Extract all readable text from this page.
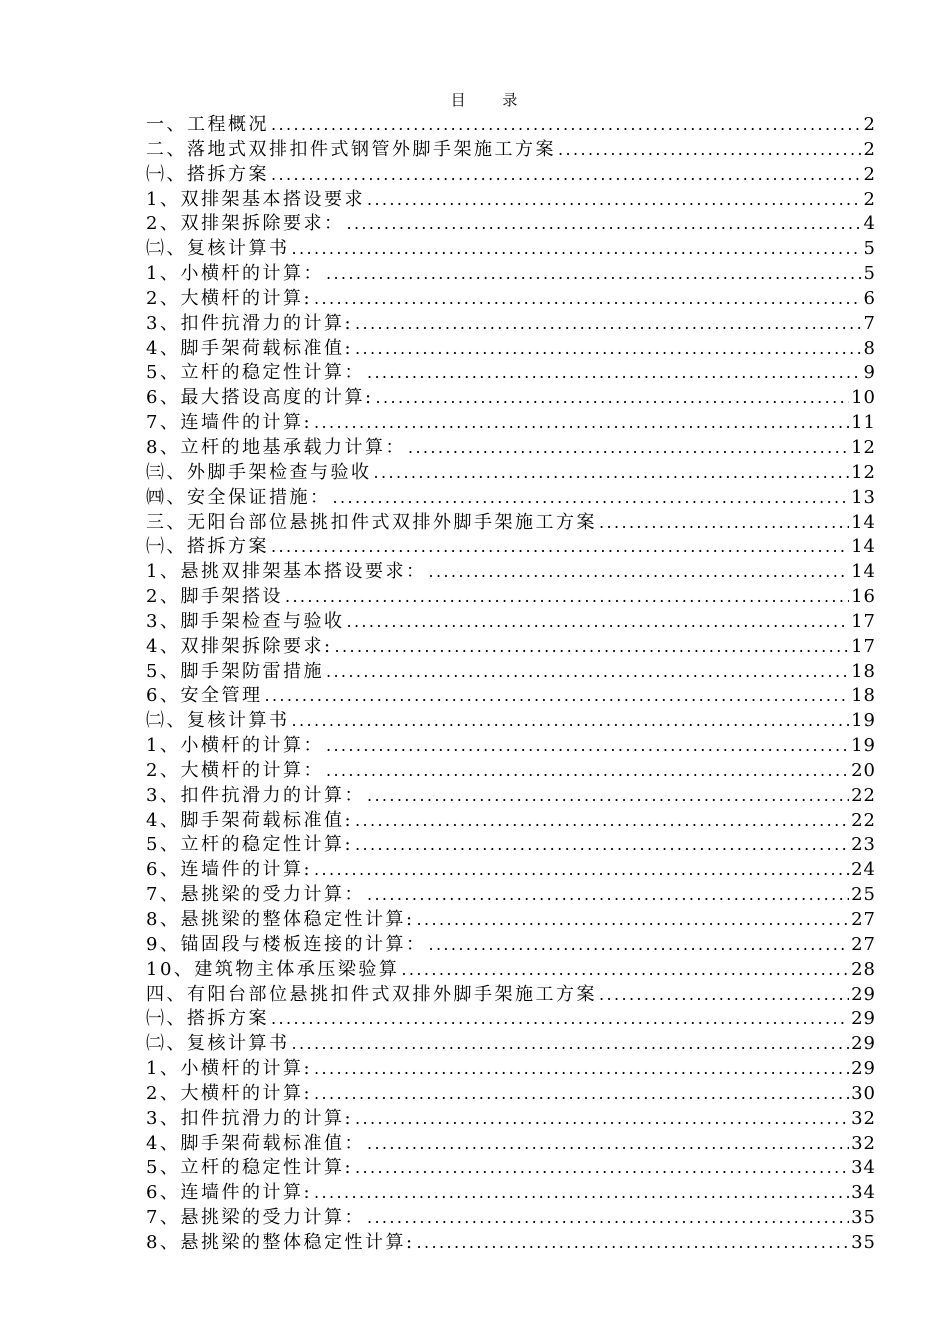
目 录
一、工程概况 .....	2
二、落地式双排扣件式钢管外脚手架施工方案 .....	2
㈠、搭拆方案 .....	2
1、双排架基本搭设要求 .....	2
2、双排架拆除要求： .....	4
㈡、复核计算书 .....	5
1、小横杆的计算： .....	5
2、大横杆的计算: .....	6
3、扣件抗滑力的计算: .....	7
4、脚手架荷载标准值: .....	8
5、立杆的稳定性计算： .....	9
6、最大搭设高度的计算: .....	10
7、连墙件的计算: .....	11
8、立杆的地基承载力计算： .....	12
㈢、外脚手架检查与验收 .....	12
㈣、安全保证措施： .....	13
三、无阳台部位悬挑扣件式双排外脚手架施工方案 .....	14
㈠、搭拆方案 .....	14
1、悬挑双排架基本搭设要求： .....	14
2、脚手架搭设 .....	16
3、脚手架检查与验收 .....	17
4、双排架拆除要求: .....	17
5、脚手架防雷措施 .....	18
6、安全管理 .....	18
㈡、复核计算书 .....	19
1、小横杆的计算： .....	19
2、大横杆的计算： .....	20
3、扣件抗滑力的计算： .....	22
4、脚手架荷载标准值: .....	22
5、立杆的稳定性计算: .....	23
6、连墙件的计算: .....	24
7、悬挑梁的受力计算： .....	25
8、悬挑梁的整体稳定性计算: .....	27
9、锚固段与楼板连接的计算： .....	27
10、建筑物主体承压梁验算 .....	28
四、有阳台部位悬挑扣件式双排外脚手架施工方案 .....	29
㈠、搭拆方案 .....	29
㈡、复核计算书 .....	29
1、小横杆的计算: .....	29
2、大横杆的计算: .....	30
3、扣件抗滑力的计算: .....	32
4、脚手架荷载标准值： .....	32
5、立杆的稳定性计算: .....	34
6、连墙件的计算: .....	34
7、悬挑梁的受力计算： .....	35
8、悬挑梁的整体稳定性计算: .....	35
